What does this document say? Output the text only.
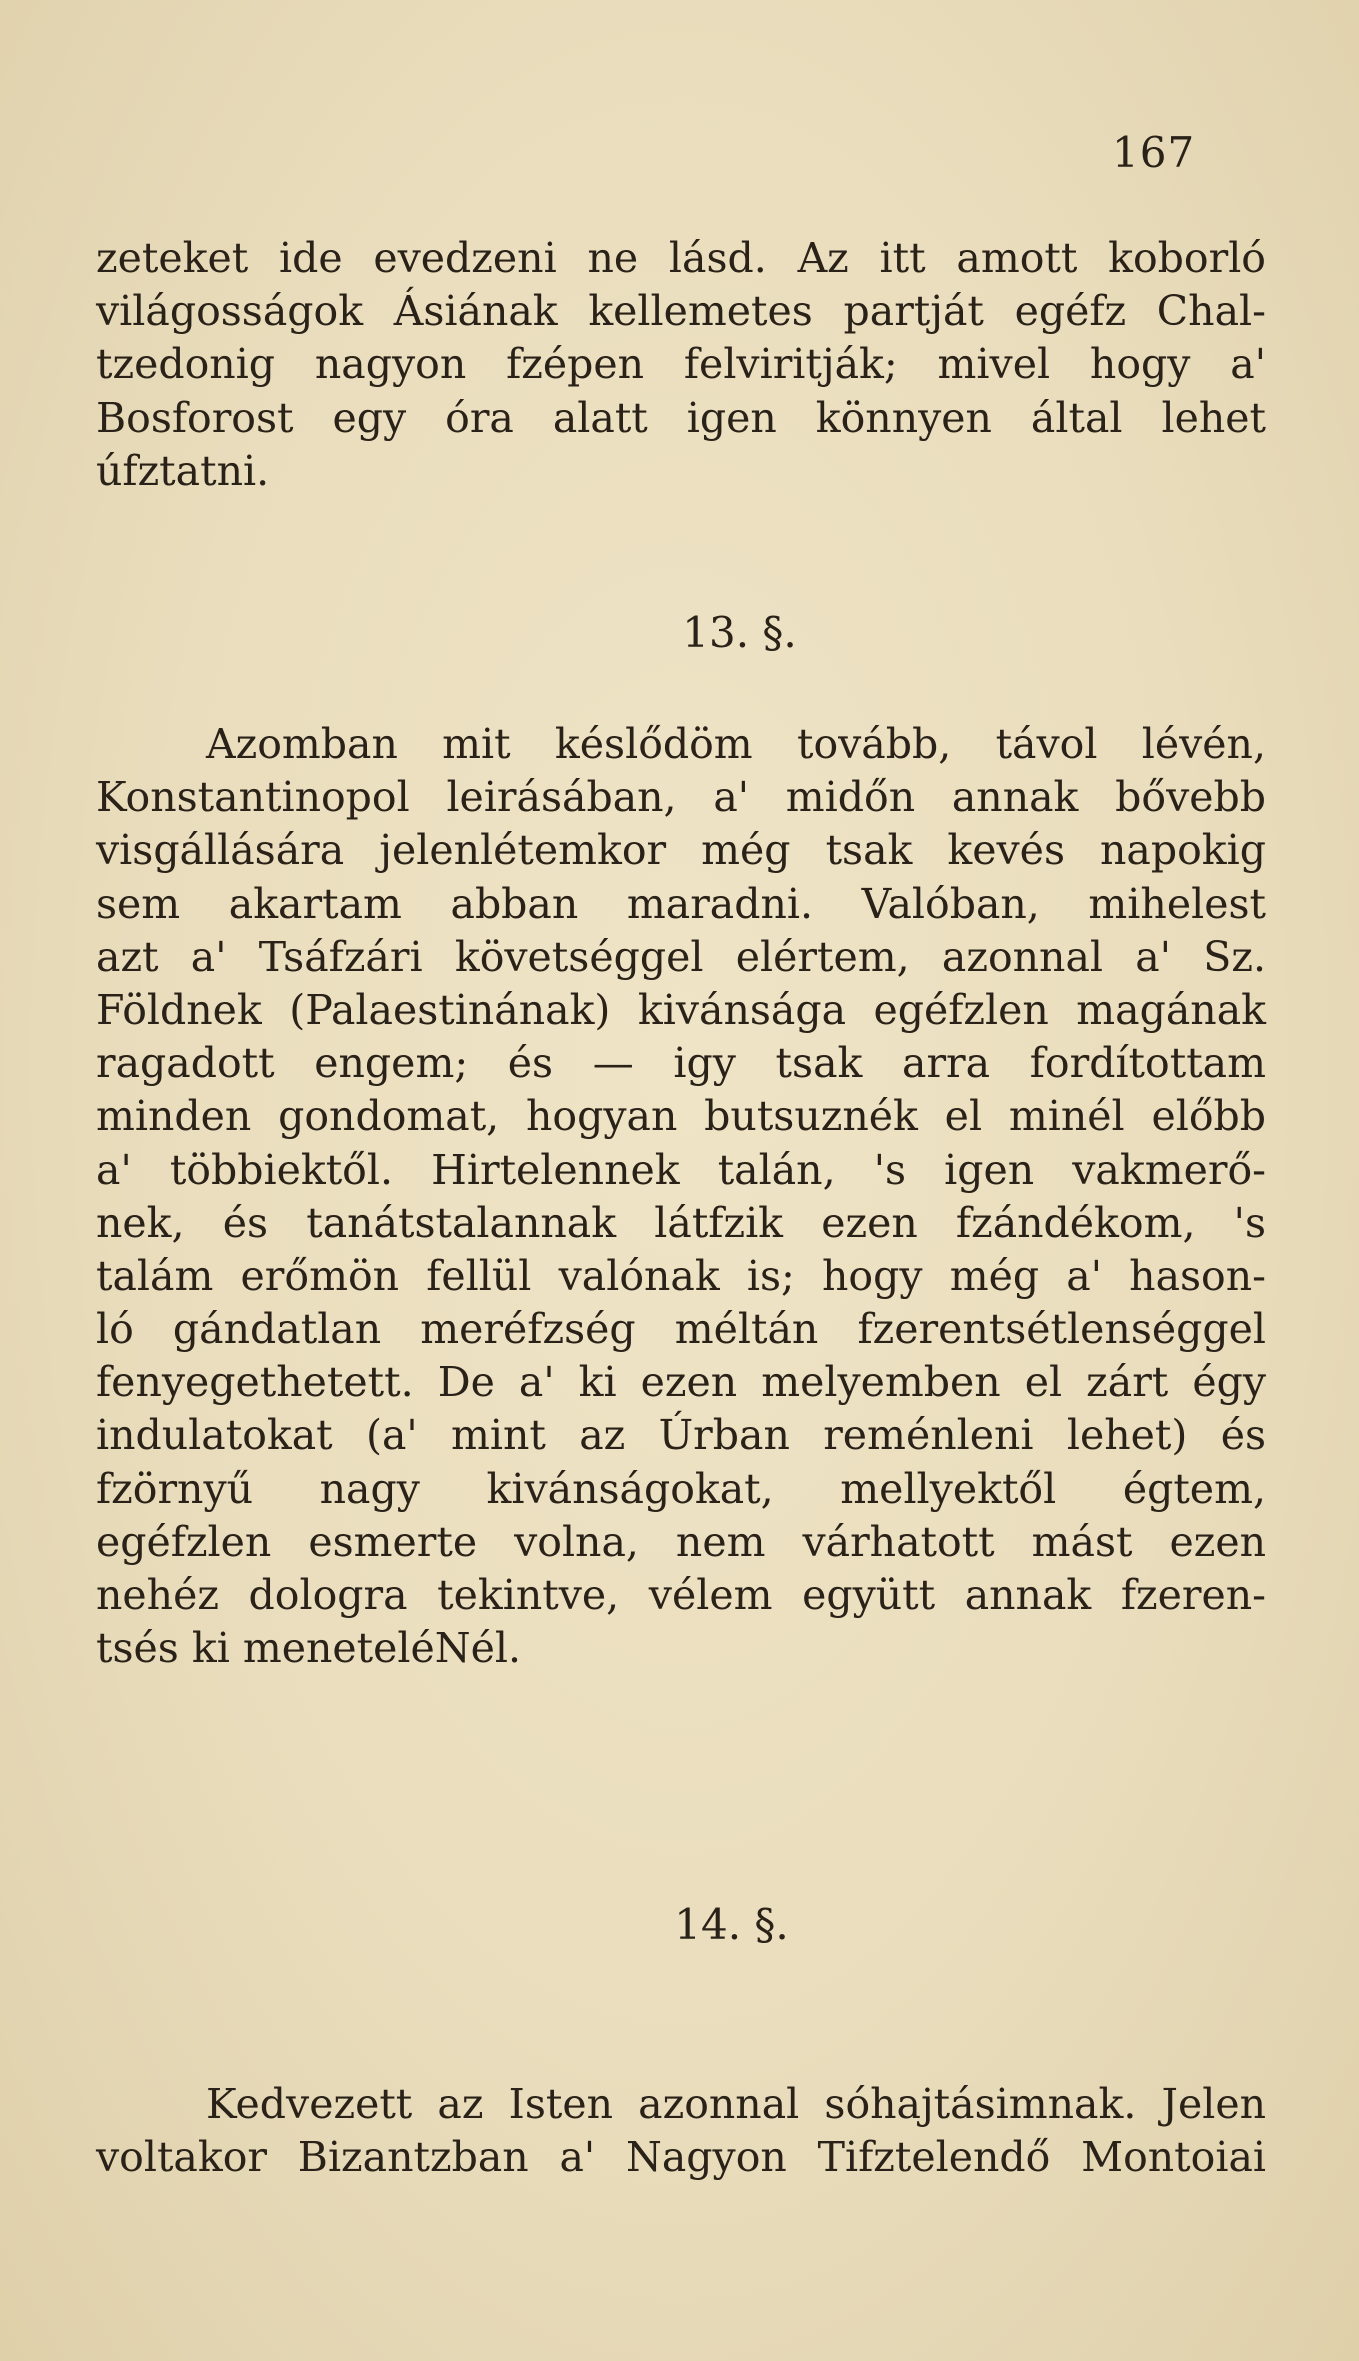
167
zeteket ide evedzeni ne lásd. Az itt amott koborló
világosságok Ásiának kellemetes partját egéfz Chal-
tzedonig nagyon fzépen felviritják; mivel hogy a'
Bosforost egy óra alatt igen könnyen által lehet
úfztatni.
13. §.
Azomban mit késlődöm tovább, távol lévén,
Konstantinopol leirásában, a' midőn annak bővebb
visgállására jelenlétemkor még tsak kevés napokig
sem akartam abban maradni. Valóban, mihelest
azt a' Tsáfzári követséggel elértem, azonnal a' Sz.
Földnek (Palaestinának) kivánsága egéfzlen magának
ragadott engem; és — igy tsak arra fordítottam
minden gondomat, hogyan butsuznék el minél előbb
a' többiektől. Hirtelennek talán, 's igen vakmerő-
nek, és tanátstalannak látfzik ezen fzándékom, 's
talám erőmön fellül valónak is; hogy még a' hason-
ló gándatlan meréfzség méltán fzerentsétlenséggel
fenyegethetett. De a' ki ezen melyemben el zárt égy
indulatokat (a' mint az Úrban reménleni lehet) és
fzörnyű nagy kivánságokat, mellyektől égtem,
egéfzlen esmerte volna, nem várhatott mást ezen
nehéz dologra tekintve, vélem együtt annak fzeren-
tsés ki meneteléNél.
14. §.
Kedvezett az Isten azonnal sóhajtásimnak. Jelen
voltakor Bizantzban a' Nagyon Tifztelendő Montoiai
